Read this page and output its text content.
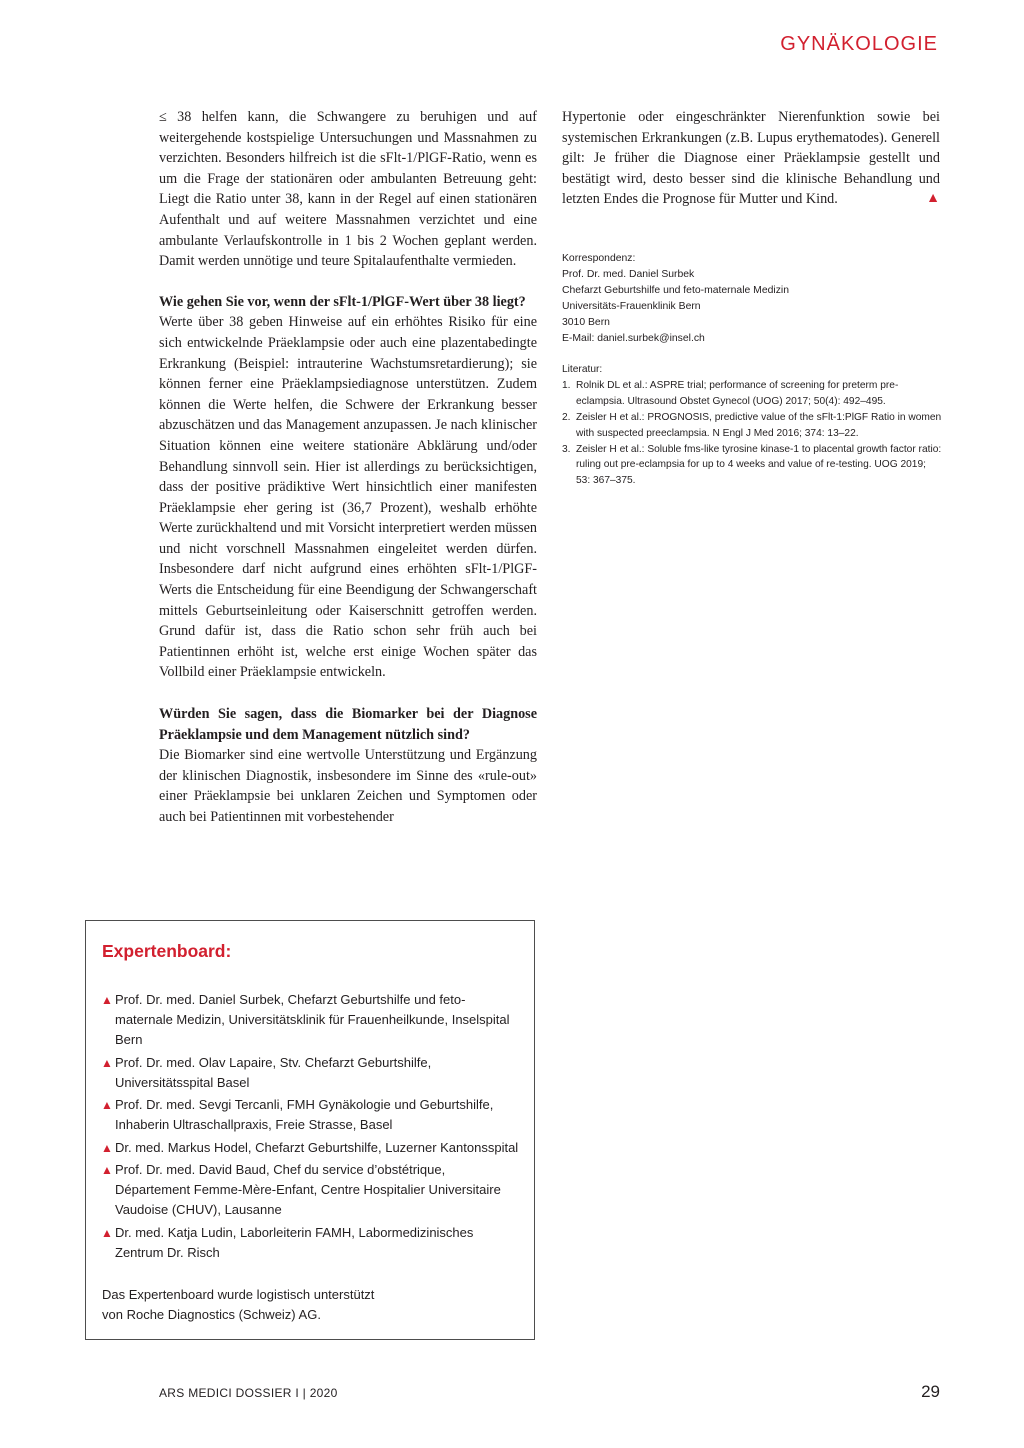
GYNÄKOLOGIE

≤ 38 helfen kann, die Schwangere zu beruhigen und auf weitergehende kostspielige Untersuchungen und Massnahmen zu verzichten. Besonders hilfreich ist die sFlt-1/PlGF-Ratio, wenn es um die Frage der stationären oder ambulanten Betreuung geht: Liegt die Ratio unter 38, kann in der Regel auf einen stationären Aufenthalt und auf weitere Massnahmen verzichtet und eine ambulante Verlaufskontrolle in 1 bis 2 Wochen geplant werden. Damit werden unnötige und teure Spitalaufenthalte vermieden.

Wie gehen Sie vor, wenn der sFlt-1/PlGF-Wert über 38 liegt?

Werte über 38 geben Hinweise auf ein erhöhtes Risiko für eine sich entwickelnde Präeklampsie oder auch eine plazentabedingte Erkrankung (Beispiel: intrauterine Wachstumsretardierung); sie können ferner eine Präeklampsiediagnose unterstützen. Zudem können die Werte helfen, die Schwere der Erkrankung besser abzuschätzen und das Management anzupassen. Je nach klinischer Situation können eine weitere stationäre Abklärung und/oder Behandlung sinnvoll sein. Hier ist allerdings zu berücksichtigen, dass der positive prädiktive Wert hinsichtlich einer manifesten Präeklampsie eher gering ist (36,7 Prozent), weshalb erhöhte Werte zurückhaltend und mit Vorsicht interpretiert werden müssen und nicht vorschnell Massnahmen eingeleitet werden dürfen. Insbesondere darf nicht aufgrund eines erhöhten sFlt-1/PlGF-Werts die Entscheidung für eine Beendigung der Schwangerschaft mittels Geburtseinleitung oder Kaiserschnitt getroffen werden. Grund dafür ist, dass die Ratio schon sehr früh auch bei Patientinnen erhöht ist, welche erst einige Wochen später das Vollbild einer Präeklampsie entwickeln.

Würden Sie sagen, dass die Biomarker bei der Diagnose Präeklampsie und dem Management nützlich sind?

Die Biomarker sind eine wertvolle Unterstützung und Ergänzung der klinischen Diagnostik, insbesondere im Sinne des «rule-out» einer Präeklampsie bei unklaren Zeichen und Symptomen oder auch bei Patientinnen mit vorbestehender

Hypertonie oder eingeschränkter Nierenfunktion sowie bei systemischen Erkrankungen (z.B. Lupus erythematodes). Generell gilt: Je früher die Diagnose einer Präeklampsie gestellt und bestätigt wird, desto besser sind die klinische Behandlung und letzten Endes die Prognose für Mutter und Kind.	▲

Korrespondenz:
Prof. Dr. med. Daniel Surbek
Chefarzt Geburtshilfe und feto-maternale Medizin
Universitäts-Frauenklinik Bern
3010 Bern
E-Mail: daniel.surbek@insel.ch
Literatur:
1. Rolnik DL et al.: ASPRE trial; performance of screening for preterm pre-eclampsia. Ultrasound Obstet Gynecol (UOG) 2017; 50(4): 492–495.
2. Zeisler H et al.: PROGNOSIS, predictive value of the sFlt-1:PlGF Ratio in women with suspected preeclampsia. N Engl J Med 2016; 374: 13–22.
3. Zeisler H et al.: Soluble fms-like tyrosine kinase-1 to placental growth factor ratio: ruling out pre-eclampsia for up to 4 weeks and value of re-testing. UOG 2019; 53: 367–375.
Expertenboard:
▲ Prof. Dr. med. Daniel Surbek, Chefarzt Geburtshilfe und feto-maternale Medizin, Universitätsklinik für Frauenheilkunde, Inselspital Bern
▲ Prof. Dr. med. Olav Lapaire, Stv. Chefarzt Geburtshilfe, Universitätsspital Basel
▲ Prof. Dr. med. Sevgi Tercanli, FMH Gynäkologie und Geburtshilfe, Inhaberin Ultraschallpraxis, Freie Strasse, Basel
▲ Dr. med. Markus Hodel, Chefarzt Geburtshilfe, Luzerner Kantonsspital
▲ Prof. Dr. med. David Baud, Chef du service d’obstétrique, Département Femme-Mère-Enfant, Centre Hospitalier Universitaire Vaudoise (CHUV), Lausanne
▲ Dr. med. Katja Ludin, Laborleiterin FAMH, Labormedizinisches Zentrum Dr. Risch
Das Expertenboard wurde logistisch unterstützt
von Roche Diagnostics (Schweiz) AG.
ARS MEDICI DOSSIER I | 2020	29
